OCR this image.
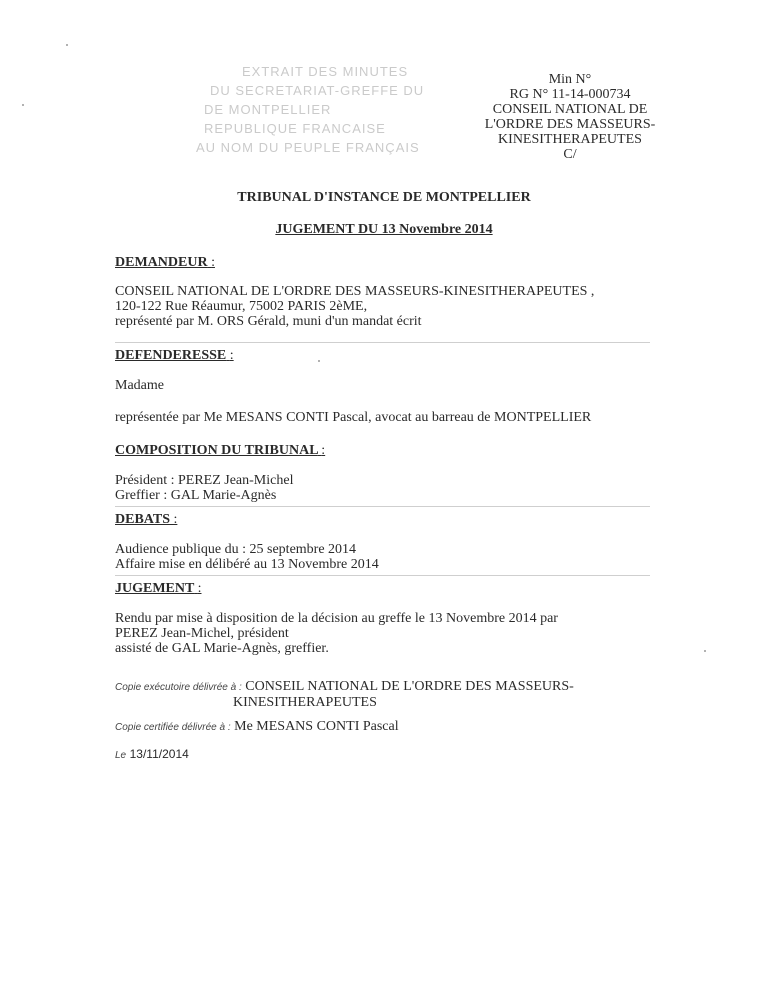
EXTRAIT DES MINUTES
DU SECRETARIAT-GREFFE DU
DE MONTPELLIER
REPUBLIQUE FRANCAISE
AU NOM DU PEUPLE FRANÇAIS
Min N°
RG N° 11-14-000734
CONSEIL NATIONAL DE
L'ORDRE DES MASSEURS-
KINESITHERAPEUTES
C/
TRIBUNAL D'INSTANCE DE MONTPELLIER
JUGEMENT DU 13 Novembre 2014

DEMANDEUR :

CONSEIL NATIONAL DE L'ORDRE DES MASSEURS-KINESITHERAPEUTES ,
120-122 Rue Réaumur, 75002 PARIS 2èME,
représenté par M. ORS Gérald, muni d'un mandat écrit

DEFENDERESSE :

Madame
représentée par Me MESANS CONTI Pascal, avocat au barreau de MONTPELLIER

COMPOSITION DU TRIBUNAL :

Président : PEREZ Jean-Michel
Greffier : GAL Marie-Agnès

DEBATS :

Audience publique du : 25 septembre 2014
Affaire mise en délibéré au 13 Novembre 2014

JUGEMENT :

Rendu par mise à disposition de la décision au greffe le 13 Novembre 2014 par
PEREZ Jean-Michel, président
assisté de GAL Marie-Agnès, greffier.
Copie exécutoire délivrée à : CONSEIL NATIONAL DE L'ORDRE DES MASSEURS-
KINESITHERAPEUTES
Copie certifiée délivrée à : Me MESANS CONTI Pascal
Le 13/11/2014
